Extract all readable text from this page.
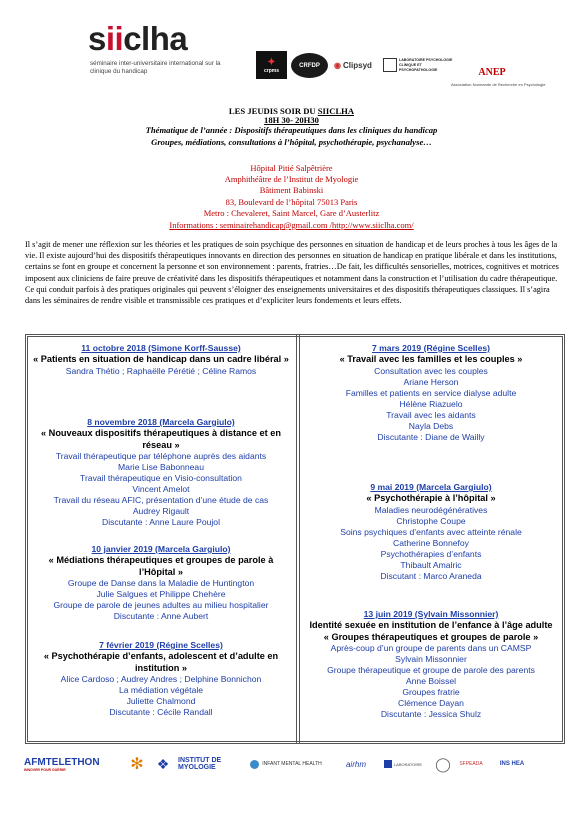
siiclha
séminaire inter-universitaire international sur la clinique du handicap
✦
crpms
CRFDP ◉ Clipsyd
LABORATOIRE PSYCHOLOGIE CLINIQUE ET PSYCHOPATHOLOGIE	ANEP
Association Normande de Recherche en Psychologie
LES JEUDIS SOIR DU SIICLHA
18H 30- 20H30
Thématique de l’année : Dispositifs thérapeutiques dans les cliniques du handicap
Groupes, médiations, consultations à l’hôpital, psychothérapie, psychanalyse…
Hôpital Pitié Salpêtrière
Amphithéâtre de l’Institut de Myologie
Bâtiment Babinski
83, Boulevard de l’hôpital 75013 Paris
Metro : Chevaleret, Saint Marcel, Gare d’Austerlitz
Informations : seminairehandicap@gmail.com /http://www.siiclha.com/
Il s’agit de mener une réflexion sur les théories et les pratiques de soin psychique des personnes en situation de handicap et de leurs proches à tous les âges de la vie. Il existe aujourd’hui des dispositifs thérapeutiques innovants en direction des personnes en situation de handicap en pratique libérale et dans les institutions, certains se font en groupe et concernent la personne et son environnement : parents, fratries…De fait, les difficultés sensorielles, motrices, cognitives et motrices imposent aux cliniciens de faire preuve de créativité dans les dispositifs thérapeutiques et notamment dans la construction et l’utilisation du cadre thérapeutique. Ce qui conduit parfois à des pratiques originales qui peuvent s’éloigner des enseignements universitaires et des dispositifs thérapeutiques classiques. Il s’agira dans les séminaires de rendre visible et transmissible ces pratiques et d’expliciter leurs fondements et leurs effets.
11 octobre 2018 (Simone Korff-Sausse)
« Patients en situation de handicap dans un cadre libéral »
Sandra Thétio ; Raphaëlle Pérétié ; Céline Ramos
8 novembre 2018 (Marcela Gargiulo)
« Nouveaux dispositifs thérapeutiques à distance et en réseau »
Travail thérapeutique par téléphone auprès des aidants
Marie Lise Babonneau
Travail thérapeutique en Visio-consultation
Vincent Amelot
Travail du réseau AFIC, présentation d’une étude de cas
Audrey Rigault
Discutante : Anne Laure Poujol
10 janvier 2019 (Marcela Gargiulo)
« Médiations thérapeutiques et groupes de parole à l’Hôpital »
Groupe de Danse dans la Maladie de Huntington
Julie Salgues et Philippe Chehère
Groupe de parole de jeunes adultes au milieu hospitalier
Discutante : Anne Aubert
7 février 2019 (Régine Scelles)
« Psychothérapie d’enfants, adolescent et d’adulte en institution »
Alice Cardoso ; Audrey Andres ; Delphine Bonnichon
La médiation végétale
Juliette Chalmond
Discutante : Cécile Randall
7 mars 2019 (Régine Scelles)
« Travail avec les familles et les couples »
Consultation avec les couples
Ariane Herson
Familles et patients en service dialyse adulte
Hélène Riazuelo
Travail avec les aidants
Nayla Debs
Discutante : Diane de Wailly
9 mai 2019 (Marcela Gargiulo)
« Psychothérapie à l’hôpital »
Maladies neurodégénératives
Christophe Coupe
Soins psychiques d’enfants avec atteinte rénale
Catherine Bonnefoy
Psychothérapies d’enfants
Thibault Amalric
Discutant : Marco Araneda
13 juin 2019 (Sylvain Missonnier)
Identité sexuée en institution de l’enfance à l’âge adulte
« Groupes thérapeutiques et groupes de parole »
Après-coup d’un groupe de parents dans un CAMSP
Sylvain Missonnier
Groupe thérapeutique et groupe de parole des parents
Anne Boissel
Groupes fratrie
Clémence Dayan
Discutante : Jessica Shulz
AFMTELETHON
INNOVER POUR GUÉRIR	✻ ❖ INSTITUT DE MYOLOGIE	INFANT MENTAL HEALTH	airhm	LABORATOIRE ◯ SFPEADA	INS HEA
